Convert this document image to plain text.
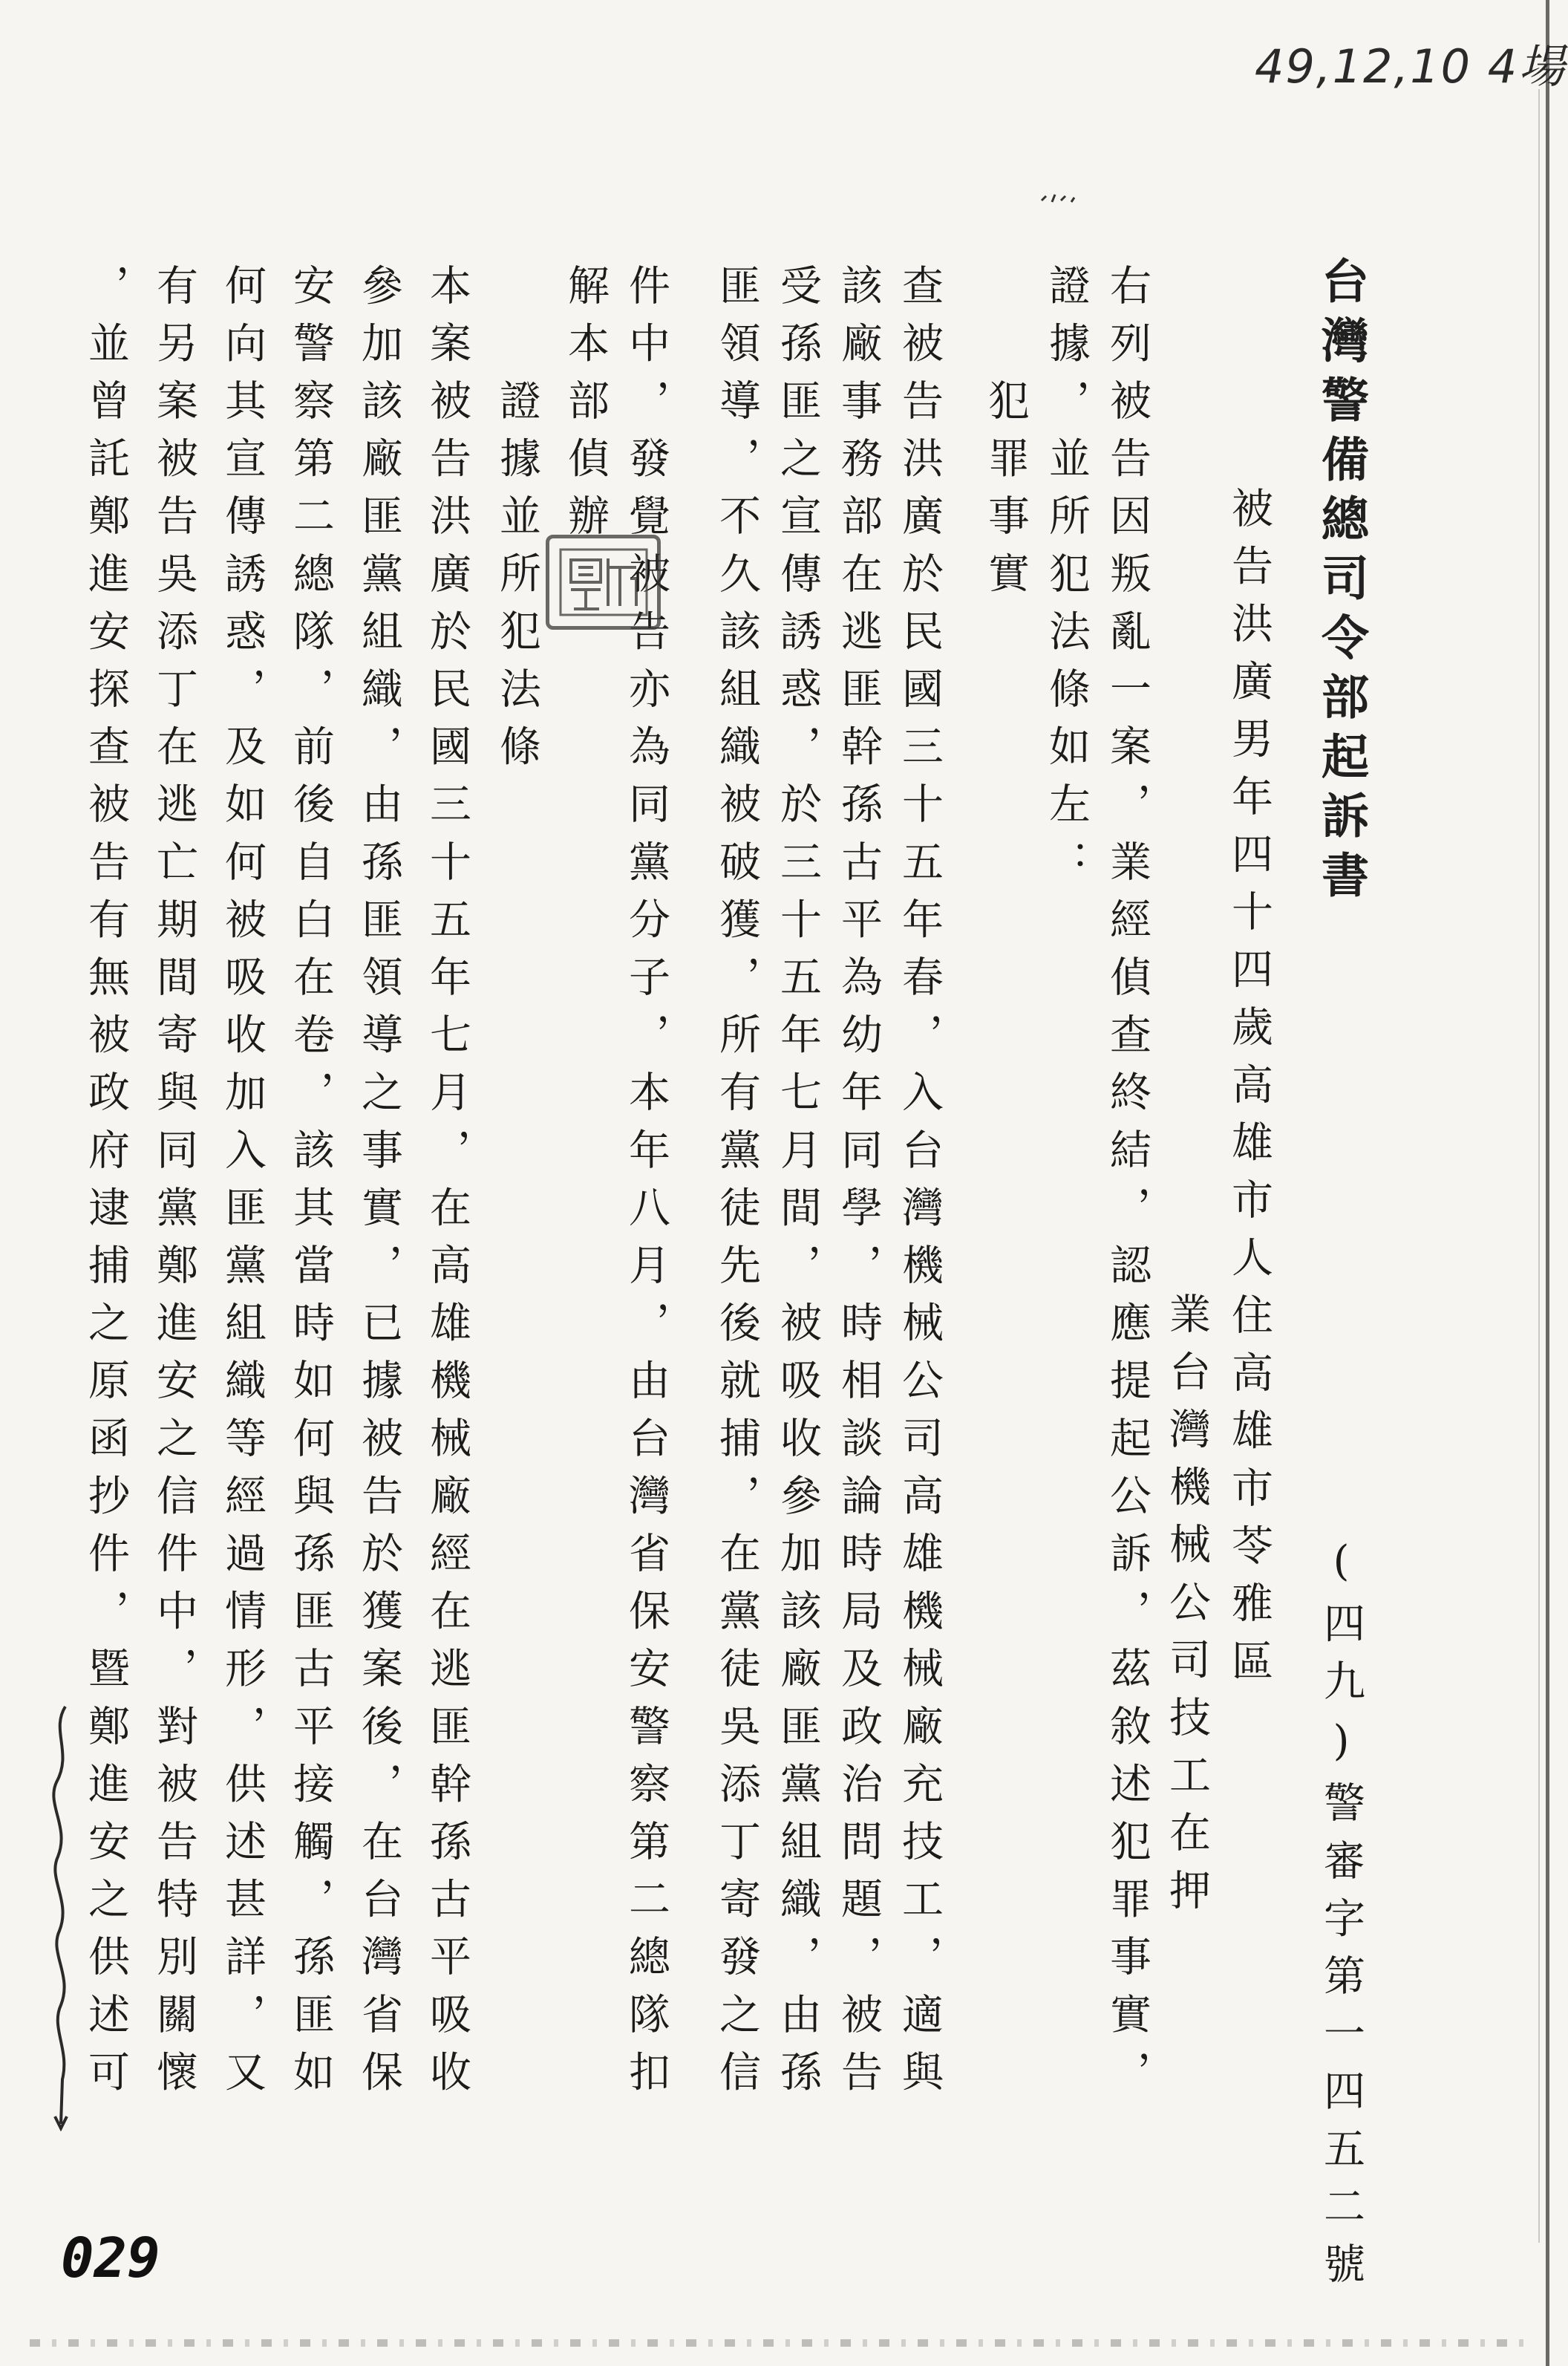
49,12,10 4場
台灣警備總司令部起訴書
(四九)警審字第一四五二號
被告洪廣男年四十四歲高雄市人住高雄市苓雅區
業台灣機械公司技工在押
右列被告因叛亂一案，業經偵查終結，認應提起公訴，茲敘述犯罪事實，
證據，並所犯法條如左：
犯罪事實
查被告洪廣於民國三十五年春，入台灣機械公司高雄機械廠充技工，適與
該廠事務部在逃匪幹孫古平為幼年同學，時相談論時局及政治問題，被告
受孫匪之宣傳誘惑，於三十五年七月間，被吸收參加該廠匪黨組織，由孫
匪領導，不久該組織被破獲，所有黨徒先後就捕，在黨徒吳添丁寄發之信
件中，發覺被告亦為同黨分子，本年八月，由台灣省保安警察第二總隊扣
解本部偵辦
證據並所犯法條
本案被告洪廣於民國三十五年七月，在高雄機械廠經在逃匪幹孫古平吸收
參加該廠匪黨組織，由孫匪領導之事實，已據被告於獲案後，在台灣省保
安警察第二總隊，前後自白在卷，該其當時如何與孫匪古平接觸，孫匪如
何向其宣傳誘惑，及如何被吸收加入匪黨組織等經過情形，供述甚詳，又
有另案被告吳添丁在逃亡期間寄與同黨鄭進安之信件中，對被告特別關懷
，並曾託鄭進安探查被告有無被政府逮捕之原函抄件，暨鄭進安之供述可
029
